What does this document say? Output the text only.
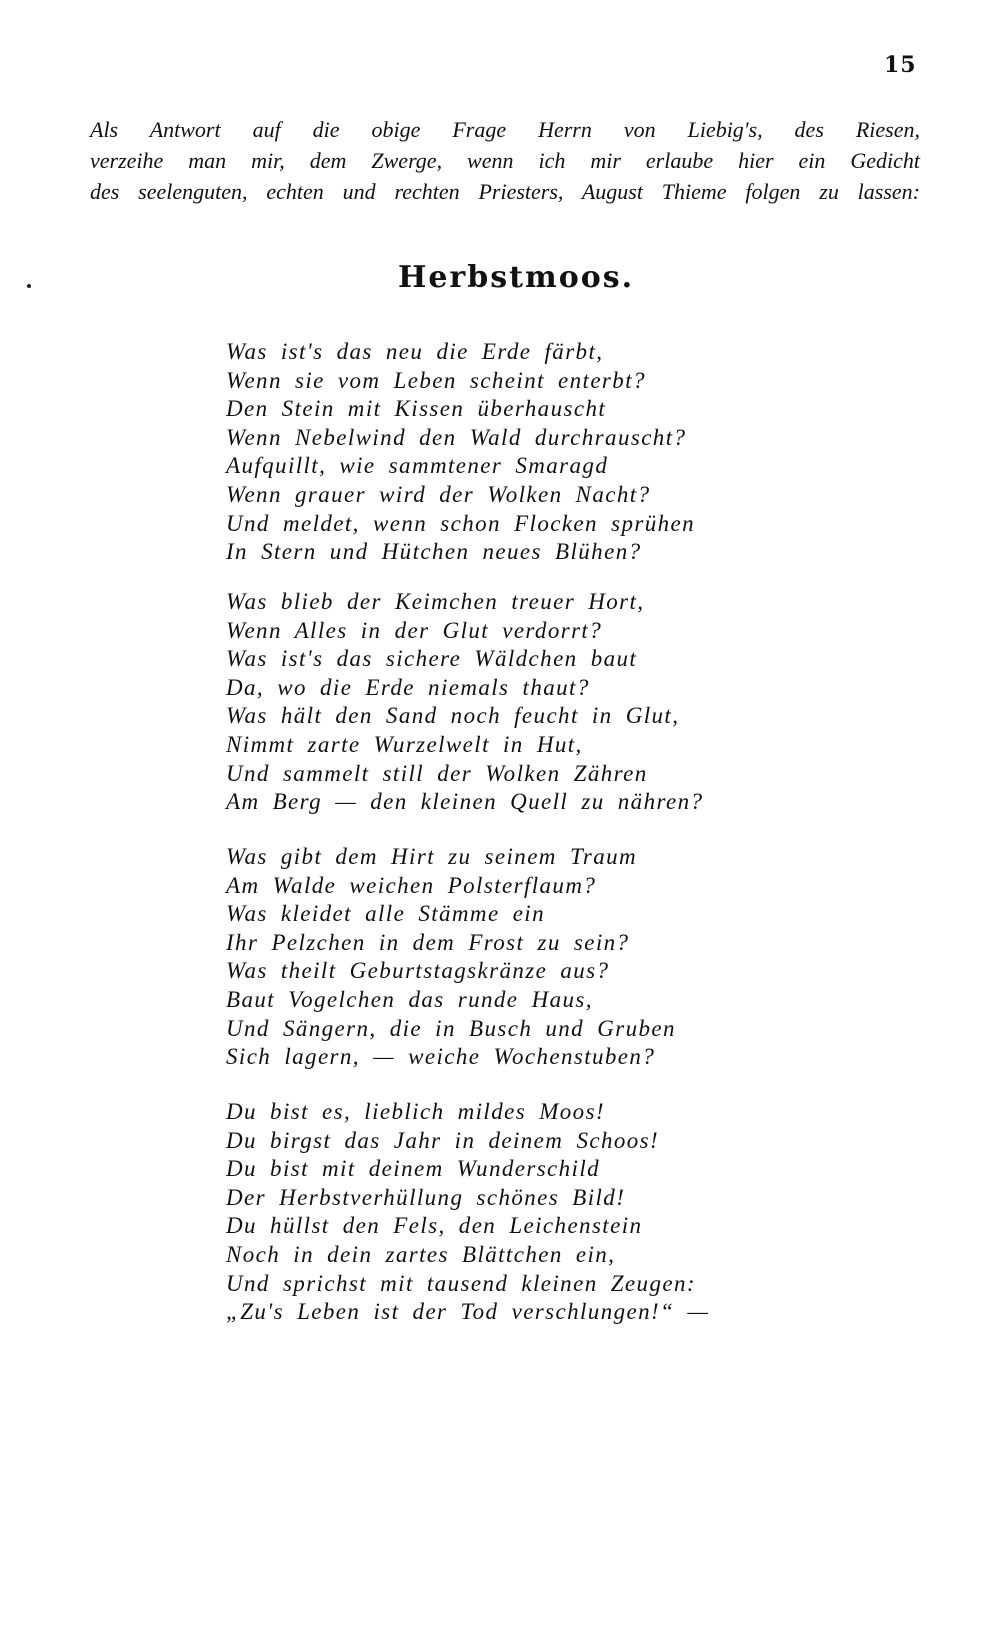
15
Als Antwort auf die obige Frage Herrn von Liebig's, des Riesen,
verzeihe man mir, dem Zwerge, wenn ich mir erlaube hier ein Gedicht
des seelenguten, echten und rechten Priesters, August Thieme folgen zu lassen:
Herbstmoos.
Was ist's das neu die Erde färbt,
Wenn sie vom Leben scheint enterbt?
Den Stein mit Kissen überhauscht
Wenn Nebelwind den Wald durchrauscht?
Aufquillt, wie sammtener Smaragd
Wenn grauer wird der Wolken Nacht?
Und meldet, wenn schon Flocken sprühen
In Stern und Hütchen neues Blühen?
Was blieb der Keimchen treuer Hort,
Wenn Alles in der Glut verdorrt?
Was ist's das sichere Wäldchen baut
Da, wo die Erde niemals thaut?
Was hält den Sand noch feucht in Glut,
Nimmt zarte Wurzelwelt in Hut,
Und sammelt still der Wolken Zähren
Am Berg — den kleinen Quell zu nähren?
Was gibt dem Hirt zu seinem Traum
Am Walde weichen Polsterflaum?
Was kleidet alle Stämme ein
Ihr Pelzchen in dem Frost zu sein?
Was theilt Geburtstagskränze aus?
Baut Vogelchen das runde Haus,
Und Sängern, die in Busch und Gruben
Sich lagern, — weiche Wochenstuben?
Du bist es, lieblich mildes Moos!
Du birgst das Jahr in deinem Schoos!
Du bist mit deinem Wunderschild
Der Herbstverhüllung schönes Bild!
Du hüllst den Fels, den Leichenstein
Noch in dein zartes Blättchen ein,
Und sprichst mit tausend kleinen Zeugen:
„Zu's Leben ist der Tod verschlungen!“ —
